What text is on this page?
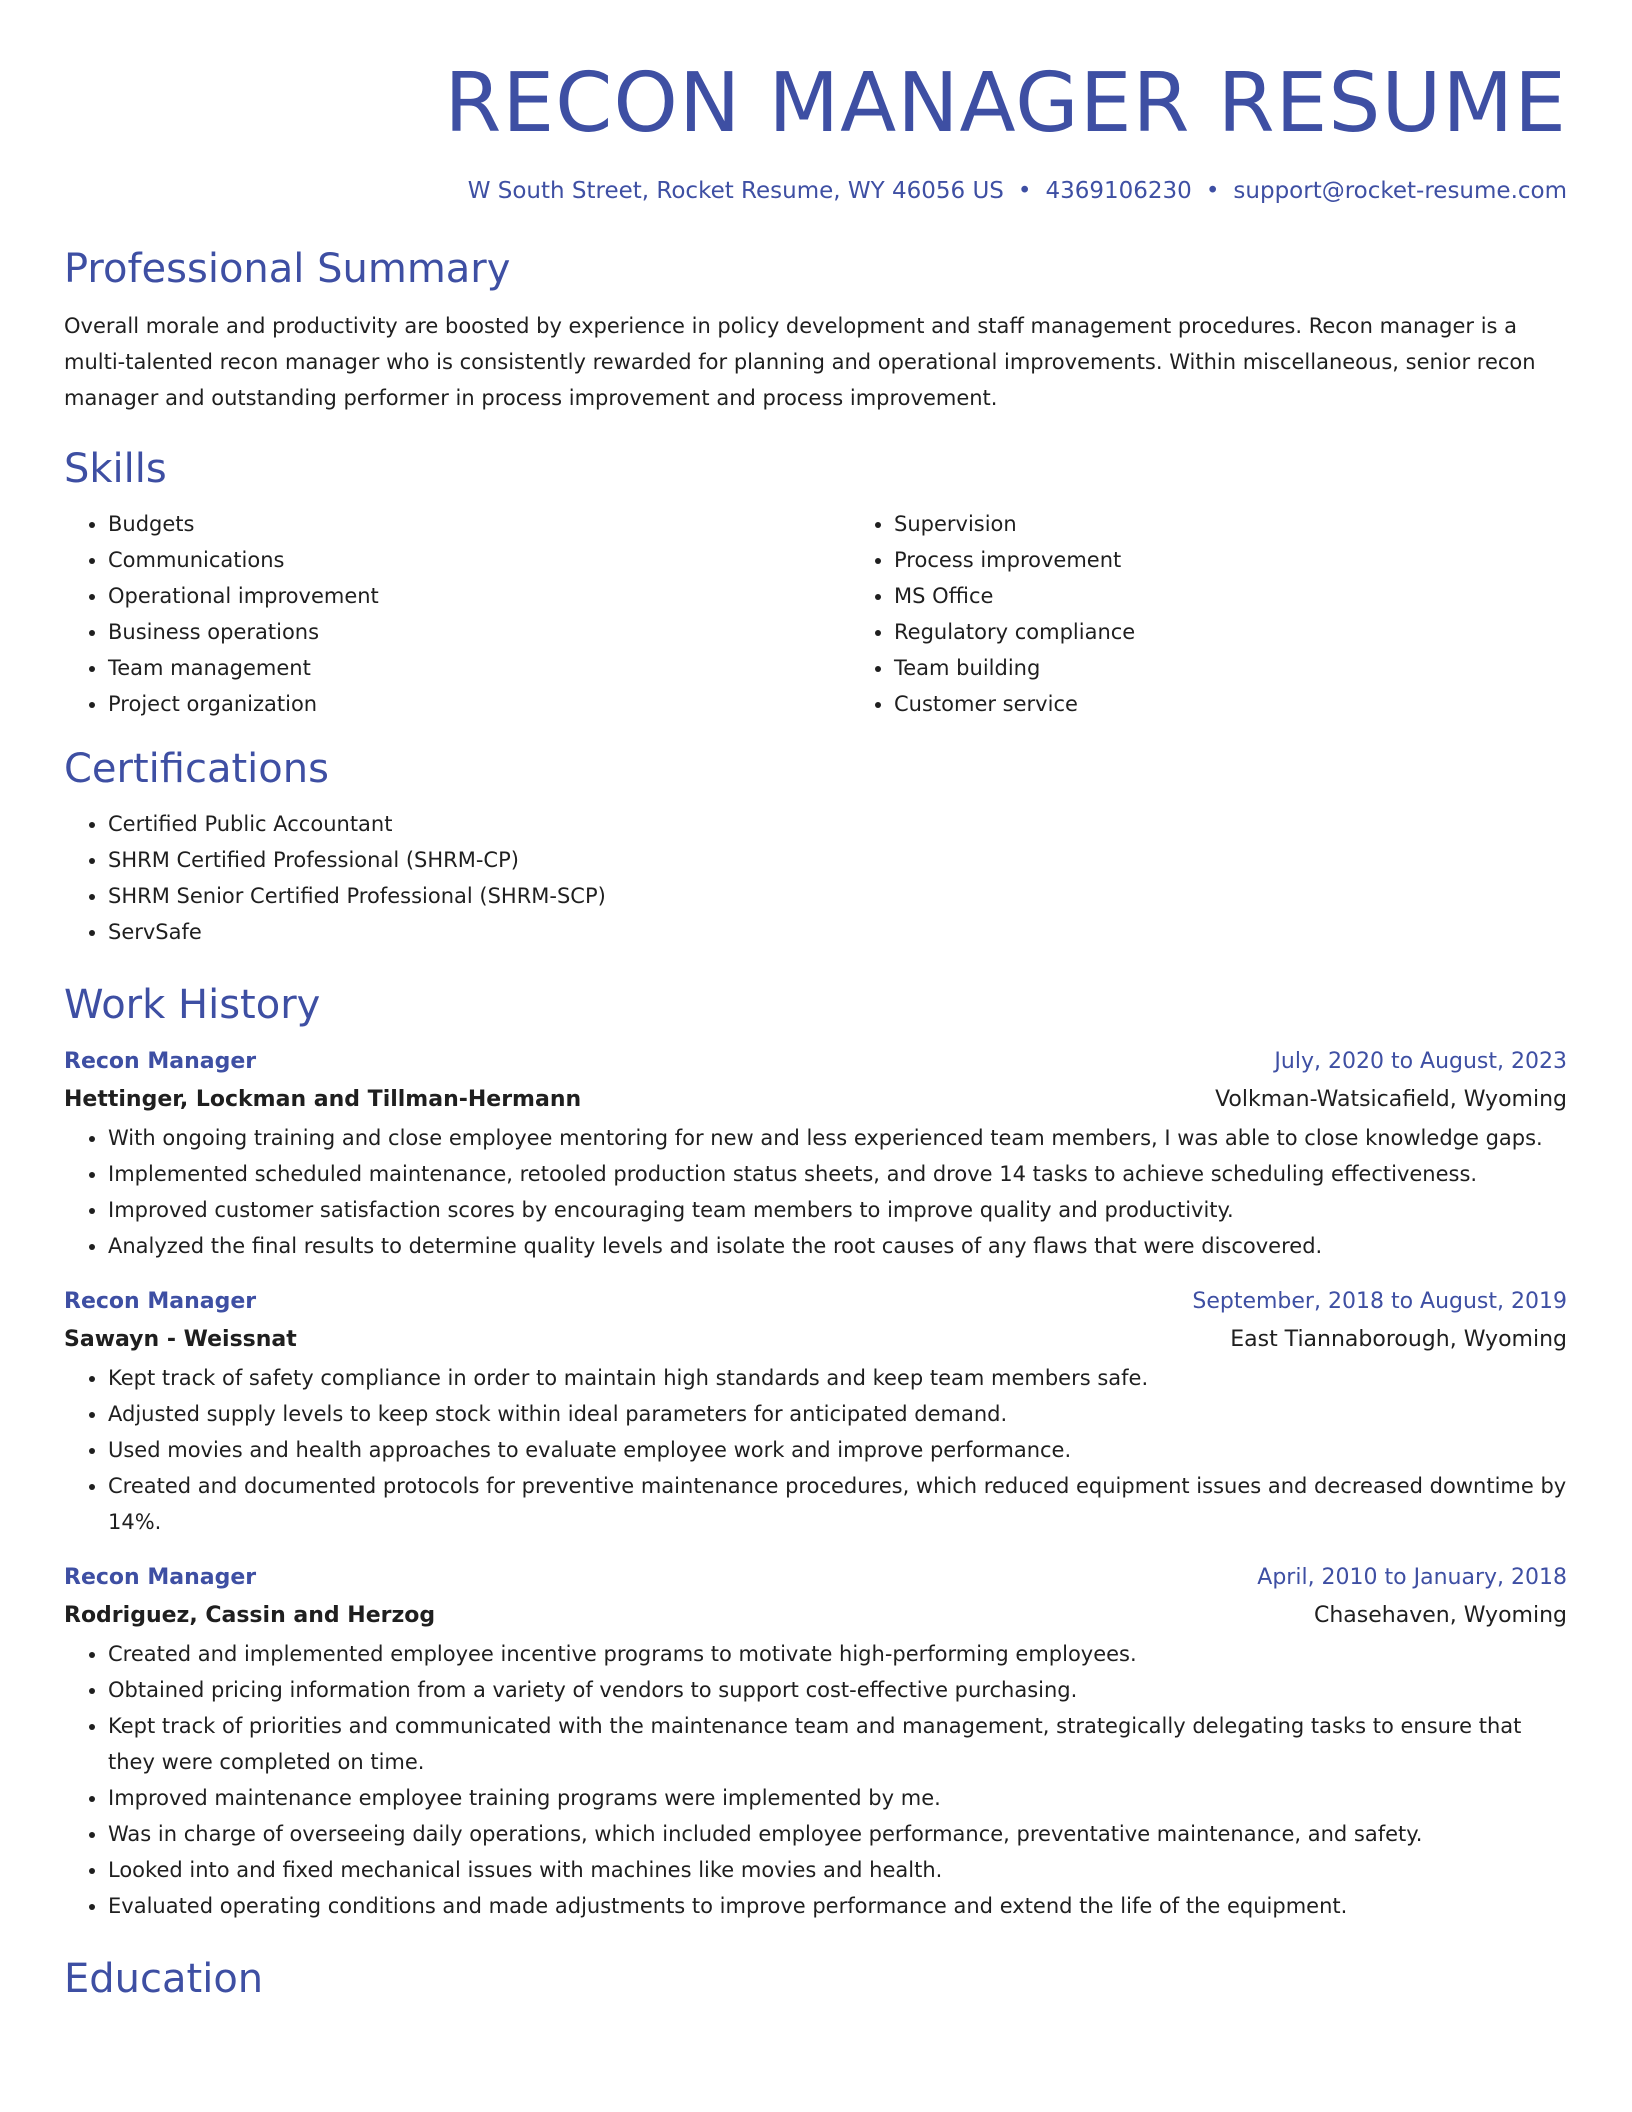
RECON MANAGER RESUME
W South Street, Rocket Resume, WY 46056 US • 4369106230 • support@rocket-resume.com
Professional Summary

Overall morale and productivity are boosted by experience in policy development and staff management procedures. Recon manager is a multi-talented recon manager who is consistently rewarded for planning and operational improvements. Within miscellaneous, senior recon manager and outstanding performer in process improvement and process improvement.

Skills
• Budgets
• Communications
• Operational improvement
• Business operations
• Team management
• Project organization
• Supervision
• Process improvement
• MS Office
• Regulatory compliance
• Team building
• Customer service
Certifications
• Certified Public Accountant
• SHRM Certified Professional (SHRM-CP)
• SHRM Senior Certified Professional (SHRM-SCP)
• ServSafe
Work History
Recon Manager	July, 2020 to August, 2023
Hettinger, Lockman and Tillman-Hermann	Volkman-Watsicafield, Wyoming
• With ongoing training and close employee mentoring for new and less experienced team members, I was able to close knowledge gaps.
• Implemented scheduled maintenance, retooled production status sheets, and drove 14 tasks to achieve scheduling effectiveness.
• Improved customer satisfaction scores by encouraging team members to improve quality and productivity.
• Analyzed the final results to determine quality levels and isolate the root causes of any flaws that were discovered.
Recon Manager	September, 2018 to August, 2019
Sawayn - Weissnat	East Tiannaborough, Wyoming
• Kept track of safety compliance in order to maintain high standards and keep team members safe.
• Adjusted supply levels to keep stock within ideal parameters for anticipated demand.
• Used movies and health approaches to evaluate employee work and improve performance.
• Created and documented protocols for preventive maintenance procedures, which reduced equipment issues and decreased downtime by 14%.
Recon Manager	April, 2010 to January, 2018
Rodriguez, Cassin and Herzog	Chasehaven, Wyoming
• Created and implemented employee incentive programs to motivate high-performing employees.
• Obtained pricing information from a variety of vendors to support cost-effective purchasing.
• Kept track of priorities and communicated with the maintenance team and management, strategically delegating tasks to ensure that they were completed on time.
• Improved maintenance employee training programs were implemented by me.
• Was in charge of overseeing daily operations, which included employee performance, preventative maintenance, and safety.
• Looked into and fixed mechanical issues with machines like movies and health.
• Evaluated operating conditions and made adjustments to improve performance and extend the life of the equipment.
Education
